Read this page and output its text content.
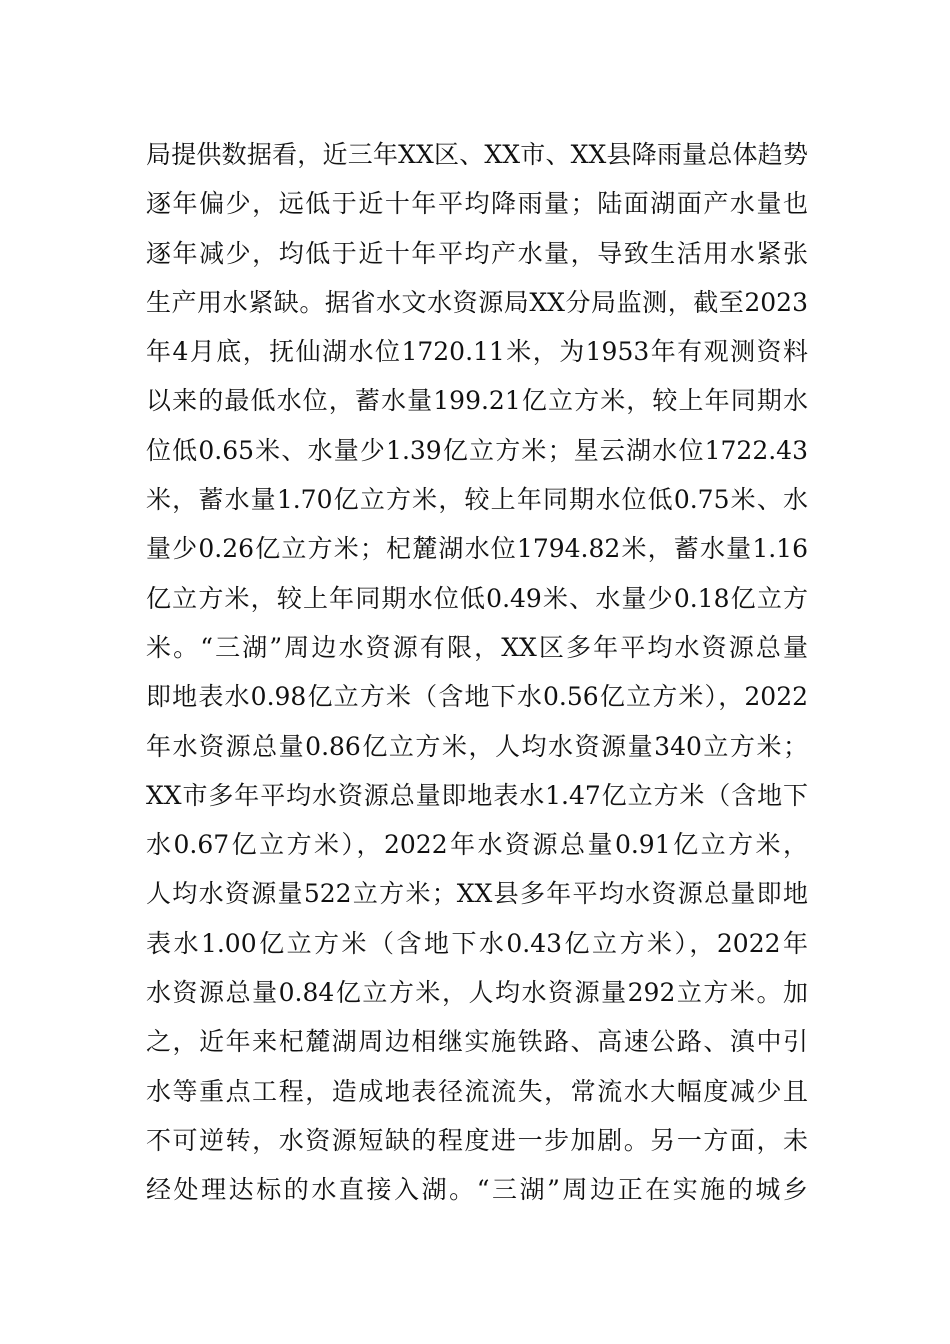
局提供数据看，近三年XX区、XX市、XX县降雨量总体趋势
逐年偏少，远低于近十年平均降雨量；陆面湖面产水量也
逐年减少，均低于近十年平均产水量，导致生活用水紧张
生产用水紧缺。据省水文水资源局XX分局监测，截至2023
年4月底，抚仙湖水位1720.11米，为1953年有观测资料
以来的最低水位，蓄水量199.21亿立方米，较上年同期水
位低0.65米、水量少1.39亿立方米；星云湖水位1722.43
米，蓄水量1.70亿立方米，较上年同期水位低0.75米、水
量少0.26亿立方米；杞麓湖水位1794.82米，蓄水量1.16
亿立方米，较上年同期水位低0.49米、水量少0.18亿立方
米。“三湖”周边水资源有限，XX区多年平均水资源总量
即地表水0.98亿立方米（含地下水0.56亿立方米），2022
年水资源总量0.86亿立方米，人均水资源量340立方米；
XX市多年平均水资源总量即地表水1.47亿立方米（含地下
水0.67亿立方米），2022年水资源总量0.91亿立方米，
人均水资源量522立方米；XX县多年平均水资源总量即地
表水1.00亿立方米（含地下水0.43亿立方米），2022年
水资源总量0.84亿立方米，人均水资源量292立方米。加
之，近年来杞麓湖周边相继实施铁路、高速公路、滇中引
水等重点工程，造成地表径流流失，常流水大幅度减少且
不可逆转，水资源短缺的程度进一步加剧。另一方面，未
经处理达标的水直接入湖。“三湖”周边正在实施的城乡
